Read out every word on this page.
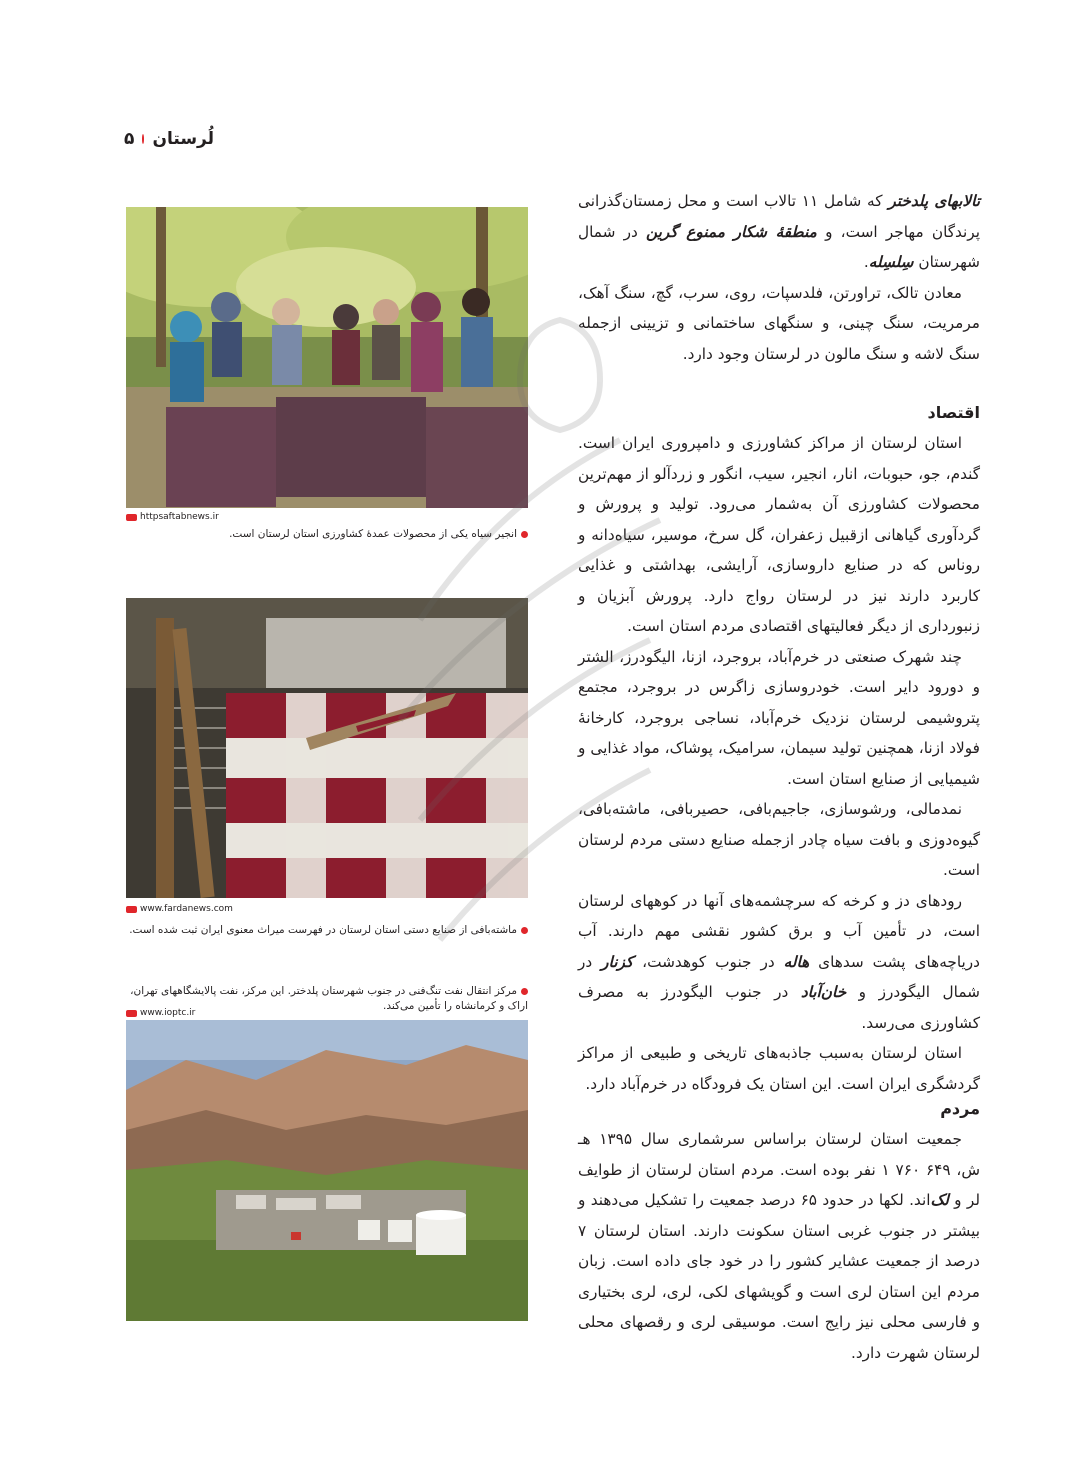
لُرستان
۵

تالابهای پلدختر که شامل ۱۱ تالاب است و محل زمستان‌گذرانی پرندگان مهاجر است، و منطقهٔ شکار ممنوع گرین در شمال شهرستان سِلسِله.

معادن تالک، تراورتن، فلدسپات، روی، سرب، گچ، سنگ آهک، مرمریت، سنگ چینی، و سنگهای ساختمانی و تزیینی ازجمله سنگ لاشه و سنگ مالون در لرستان وجود دارد.

اقتصاد

استان لرستان از مراکز کشاورزی و دامپروری ایران است. گندم، جو، حبوبات، انار، انجیر، سیب، انگور و زردآلو از مهم‌ترین محصولات کشاورزی آن به‌شمار می‌رود. تولید و پرورش و گردآوری گیاهانی ازقبیل زعفران، گل سرخ، موسیر، سیاه‌دانه و روناس که در صنایع داروسازی، آرایشی، بهداشتی و غذایی کاربرد دارند نیز در لرستان رواج دارد. پرورش آبزیان و زنبورداری از دیگر فعالیتهای اقتصادی مردم استان است.

چند شهرک صنعتی در خرم‌آباد، بروجرد، ازنا، الیگودرز، الشتر و دورود دایر است. خودروسازی زاگرس در بروجرد، مجتمع پتروشیمی لرستان نزدیک خرم‌آباد، نساجی بروجرد، کارخانهٔ فولاد ازنا، همچنین تولید سیمان، سرامیک، پوشاک، مواد غذایی و شیمیایی از صنایع استان است.

نمدمالی، ورشوسازی، جاجیم‌بافی، حصیربافی، ماشته‌بافی، گیوه‌دوزی و بافت سیاه چادر ازجمله صنایع دستی مردم لرستان است.

رودهای دز و کرخه که سرچشمه‌های آنها در کوههای لرستان است، در تأمین آب و برق کشور نقشی مهم دارند. آب دریاچه‌های پشت سدهای هاله در جنوب کوهدشت، کزنار در شمال الیگودرز و خان‌آباد در جنوب الیگودرز به مصرف کشاورزی می‌رسد.

استان لرستان به‌سبب جاذبه‌های تاریخی و طبیعی از مراکز گردشگری ایران است. این استان یک فرودگاه در خرم‌آباد دارد.

مردم

جمعیت استان لرستان براساس سرشماری سال ۱۳۹۵ هـ ش، ۶۴۹ ۷۶۰ ۱ نفر بوده است. مردم استان لرستان از طوایف لر و لک‌اند. لکها در حدود ۶۵ درصد جمعیت را تشکیل می‌دهند و بیشتر در جنوب غربی استان سکونت دارند. استان لرستان ۷ درصد از جمعیت عشایر کشور را در خود جای داده است. زبان مردم این استان لری است و گویشهای لکی، لری، لری بختیاری و فارسی محلی نیز رایج است. موسیقی لری و رقصهای محلی لرستان شهرت دارد.

httpsaftabnews.ir
انجیر سیاه یکی از محصولات عمدهٔ کشاورزی استان لرستان است.
www.fardanews.com
ماشته‌بافی از صنایع دستی استان لرستان در فهرست میراث معنوی ایران ثبت شده است.
مرکز انتقال نفت تنگ‌فنی در جنوب شهرستان پلدختر. این مرکز، نفت پالایشگاههای تهران، اراک و کرمانشاه را تأمین می‌کند.
www.ioptc.ir
